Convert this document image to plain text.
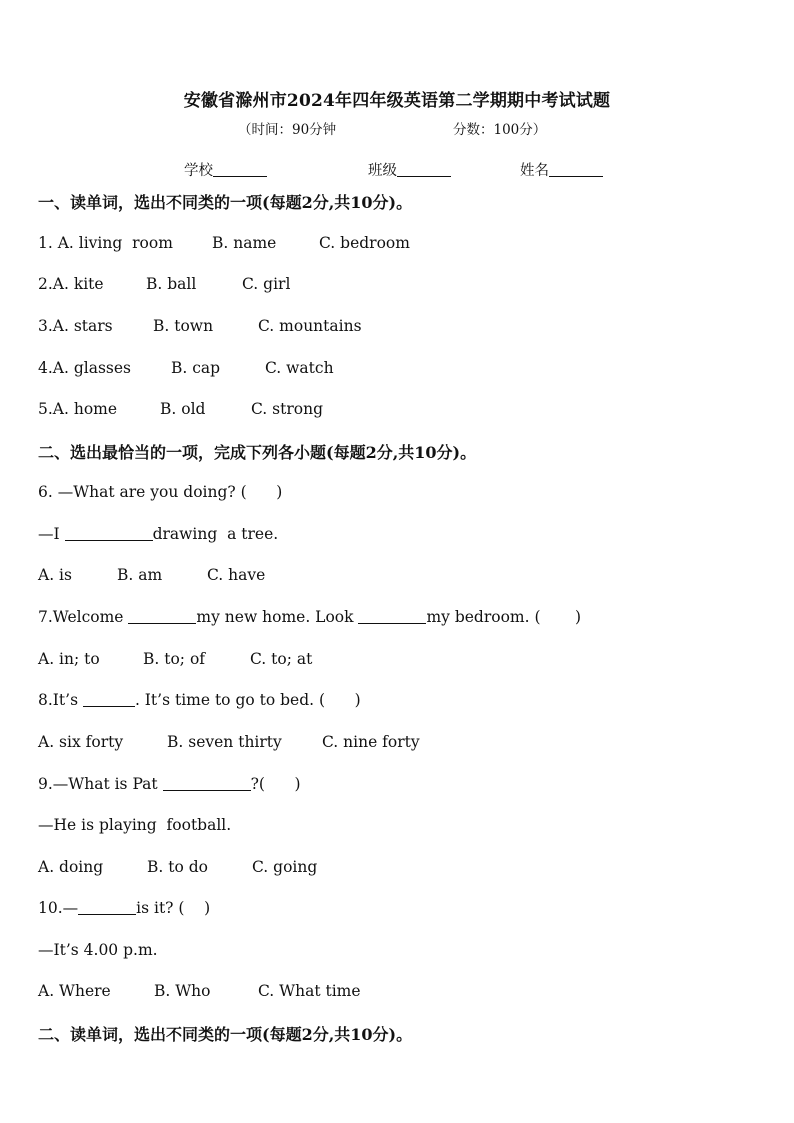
安徽省滁州市2024年四年级英语第二学期期中考试试题
（时间：90分钟	分数：100分）
学校	班级	姓名
一、读单词，选出不同类的一项(每题2分,共10分)。
1. A. living  room	B. name	C. bedroom
2.A. kite	B. ball	C. girl
3.A. stars	B. town	C. mountains
4.A. glasses	B. cap	C. watch
5.A. home	B. old	C. strong
二、选出最恰当的一项，完成下列各小题(每题2分,共10分)。
6. —What are you doing? (      )
—I	drawing  a tree.
A. is	B. am	C. have
7.Welcome	my new home. Look	my bedroom. (       )
A. in; to	B. to; of	C. to; at
8.It’s	. It’s time to go to bed. (      )
A. six forty	B. seven thirty	C. nine forty
9.—What is Pat	?(      )
—He is playing  football.
A. doing	B. to do	C. going
10.—	is it? (    )
—It’s 4.00 p.m.
A. Where	B. Who	C. What time
二、读单词，选出不同类的一项(每题2分,共10分)。
